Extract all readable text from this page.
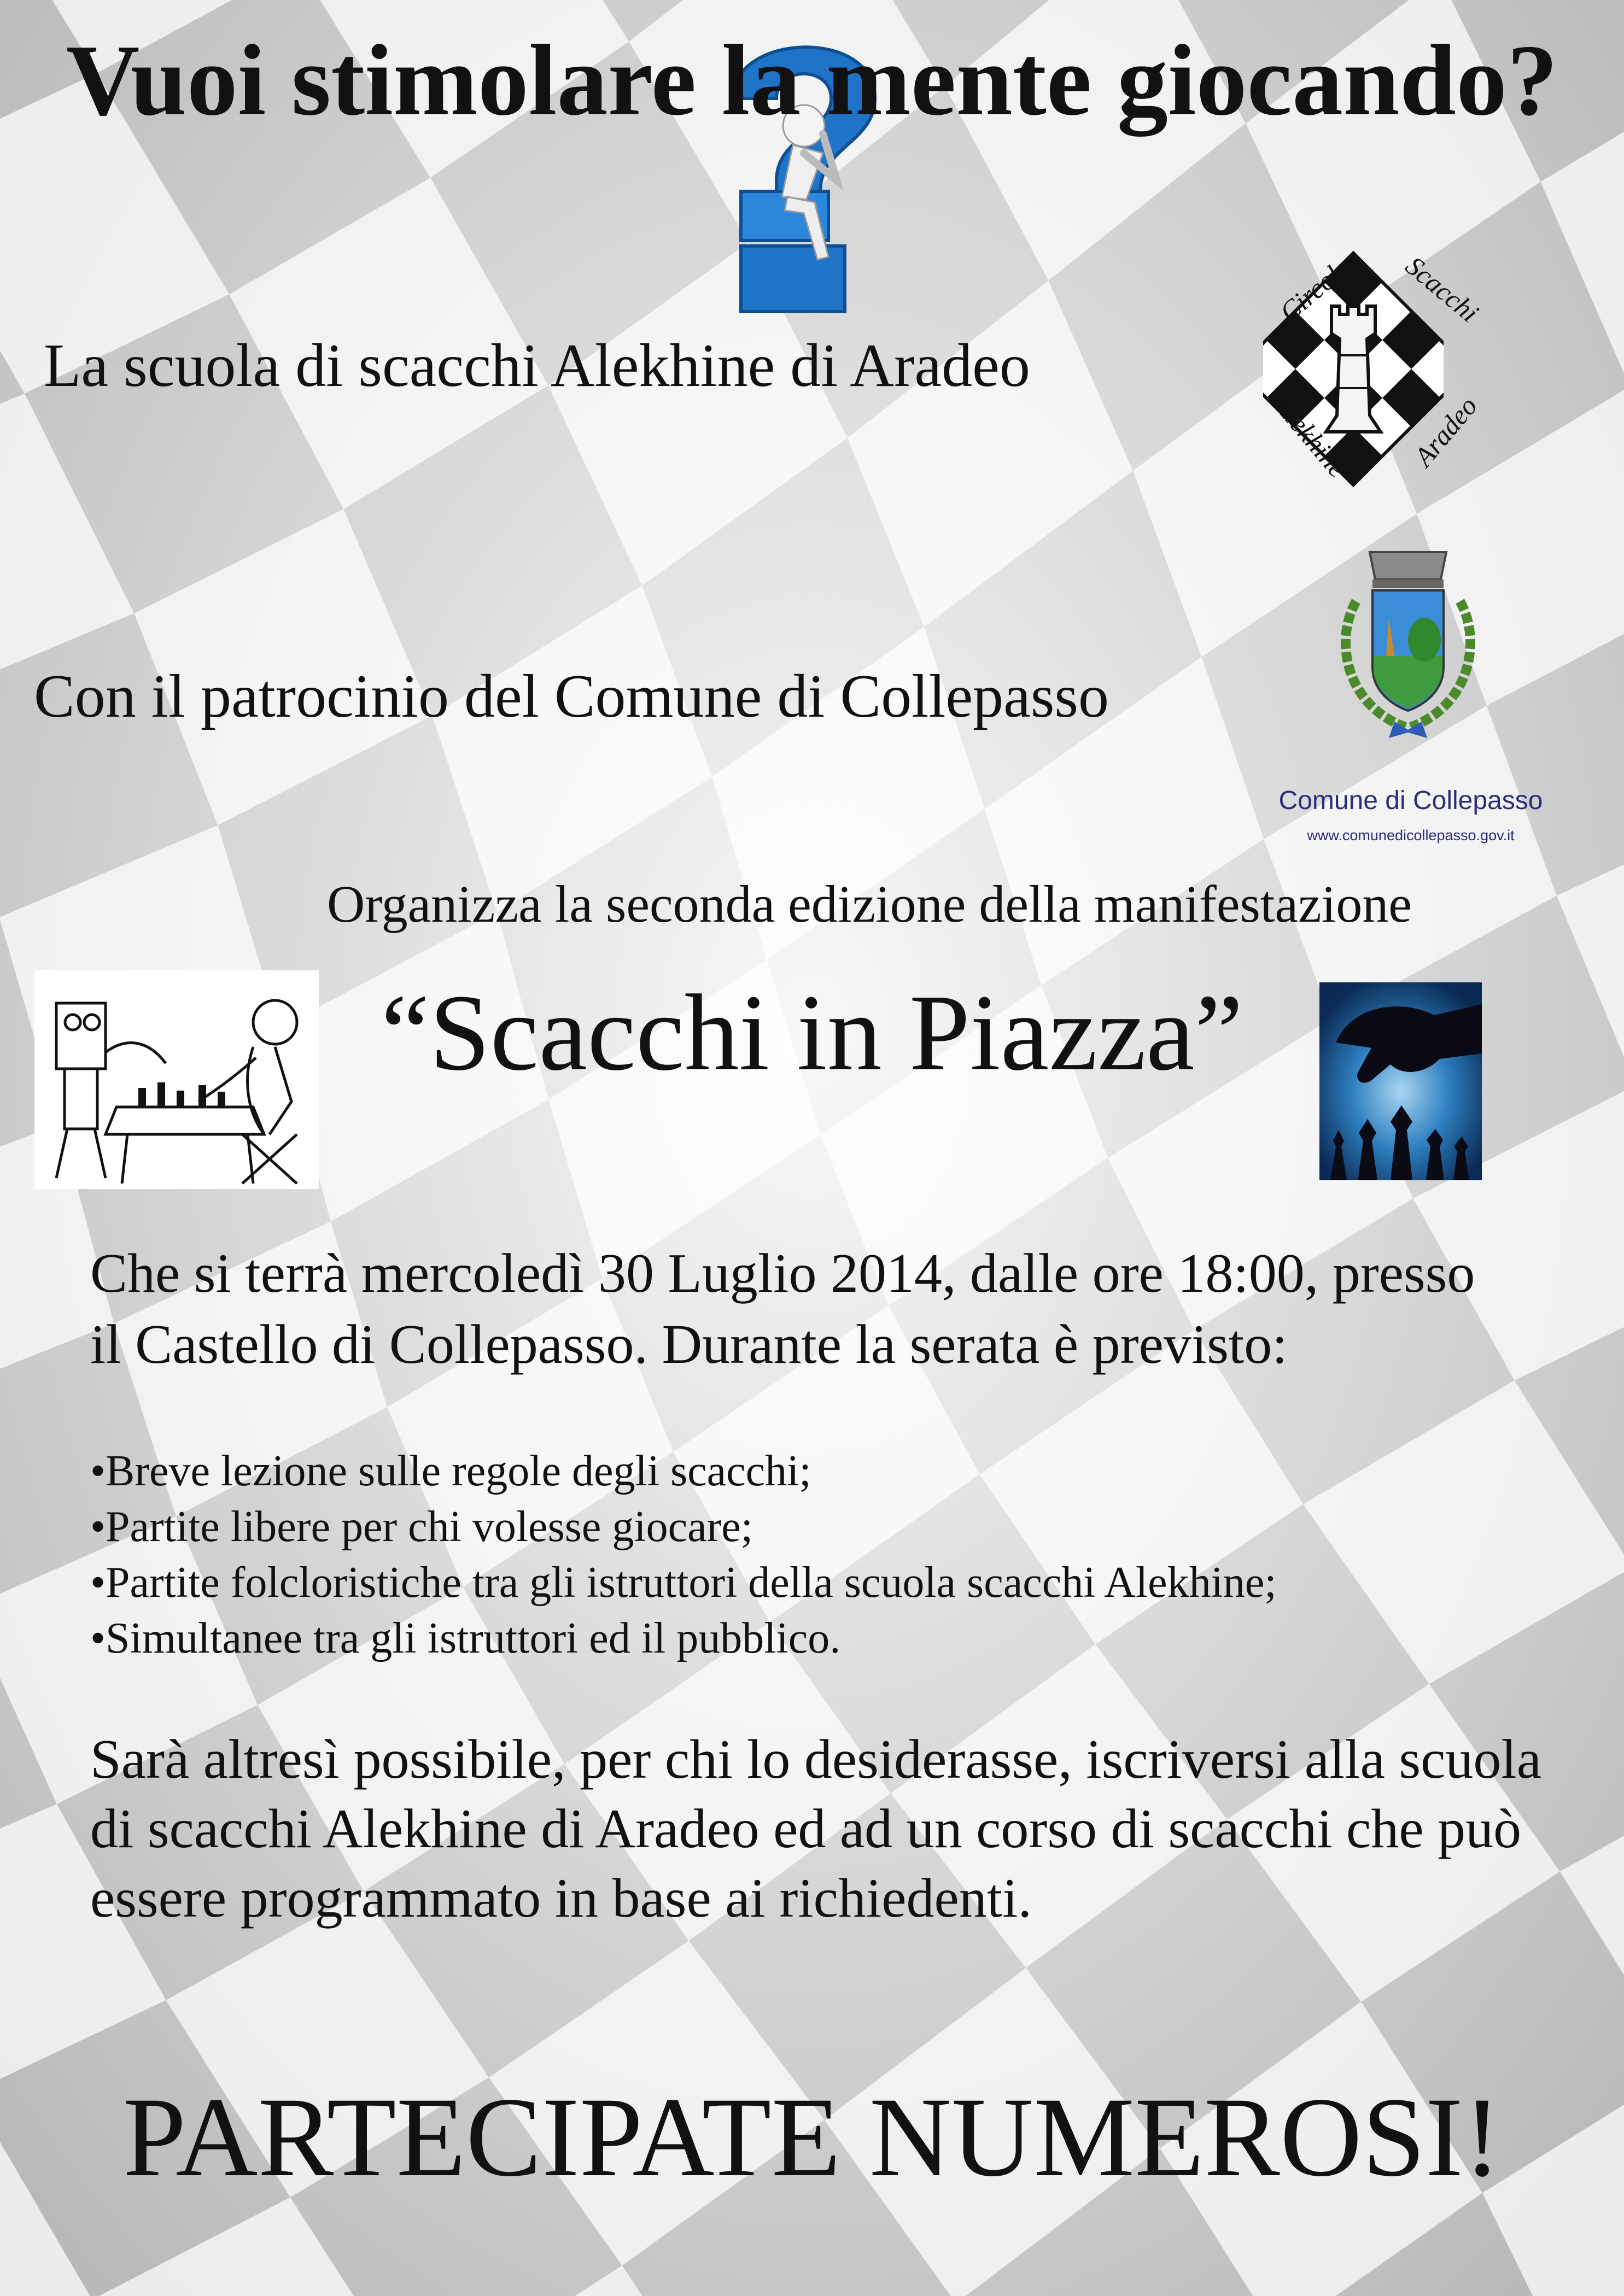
Vuoi stimolare la mente giocando?

La scuola di scacchi Alekhine di Aradeo

Circolo Scacchi
Alekhine Aradeo

Con il patrocinio del Comune di Collepasso

Comune di Collepasso

www.comunedicollepasso.gov.it

Organizza la seconda edizione della manifestazione

“Scacchi in Piazza”
Che si terrà mercoledì 30 Luglio 2014, dalle ore 18:00, presso
il Castello di Collepasso. Durante la serata è previsto:
•Breve lezione sulle regole degli scacchi;
•Partite libere per chi volesse giocare;
•Partite folcloristiche tra gli istruttori della scuola scacchi Alekhine;
•Simultanee tra gli istruttori ed il pubblico.
Sarà altresì possibile, per chi lo desiderasse, iscriversi alla scuola
di scacchi Alekhine di Aradeo ed ad un corso di scacchi che può
essere programmato in base ai richiedenti.

PARTECIPATE NUMEROSI!
